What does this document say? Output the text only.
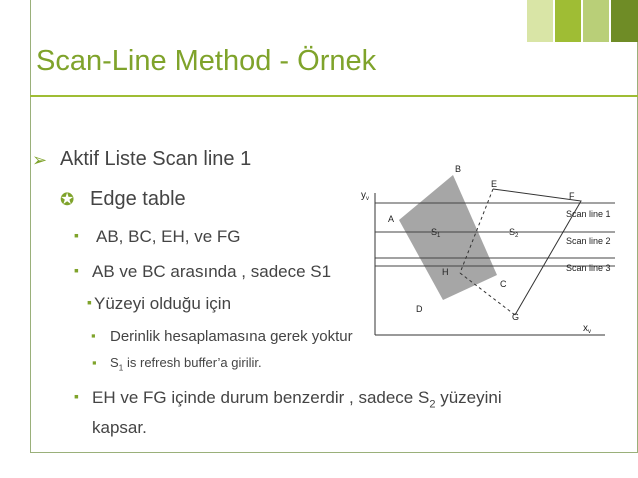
Scan-Line Method - Örnek
➢ Aktif Liste Scan line 1
✪ Edge table
▪ AB, BC, EH, ve FG
▪ AB ve BC arasında , sadece S1
▪ Yüzeyi olduğu için
▪ Derinlik hesaplamasına gerek yoktur
▪ $S_1$ is refresh buffer’a girilir.
▪ EH ve FG içinde durum benzerdir , sadece $S_2$ yüzeyini
kapsar.
$y_v$
$x_v$
B
E
F
A
$S_1$	$S_2$
H
C
D
G
Scan line 1
Scan line 2
Scan line 3
